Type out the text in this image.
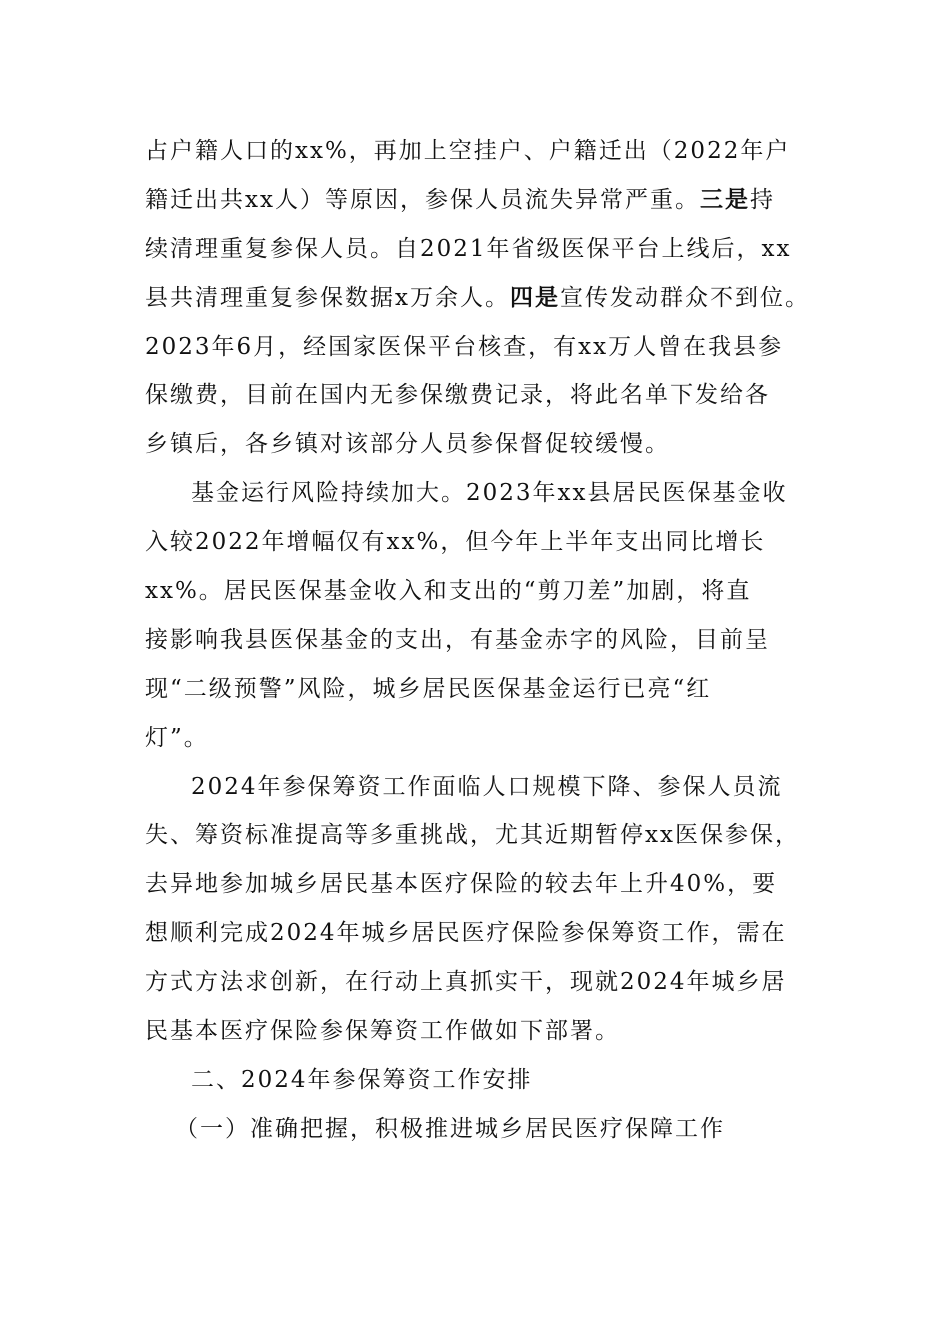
占户籍人口的xx%，再加上空挂户、户籍迁出（2022年户
籍迁出共xx人）等原因，参保人员流失异常严重。三是持
续清理重复参保人员。自2021年省级医保平台上线后，xx
县共清理重复参保数据x万余人。四是宣传发动群众不到位。
2023年6月，经国家医保平台核查，有xx万人曾在我县参
保缴费，目前在国内无参保缴费记录，将此名单下发给各
乡镇后，各乡镇对该部分人员参保督促较缓慢。
基金运行风险持续加大。2023年xx县居民医保基金收
入较2022年增幅仅有xx%，但今年上半年支出同比增长
xx%。居民医保基金收入和支出的“剪刀差”加剧，将直
接影响我县医保基金的支出，有基金赤字的风险，目前呈
现“二级预警”风险，城乡居民医保基金运行已亮“红
灯”。
2024年参保筹资工作面临人口规模下降、参保人员流
失、筹资标准提高等多重挑战，尤其近期暂停xx医保参保，
去异地参加城乡居民基本医疗保险的较去年上升40%，要
想顺利完成2024年城乡居民医疗保险参保筹资工作，需在
方式方法求创新，在行动上真抓实干，现就2024年城乡居
民基本医疗保险参保筹资工作做如下部署。
二、2024年参保筹资工作安排
（一）准确把握，积极推进城乡居民医疗保障工作
